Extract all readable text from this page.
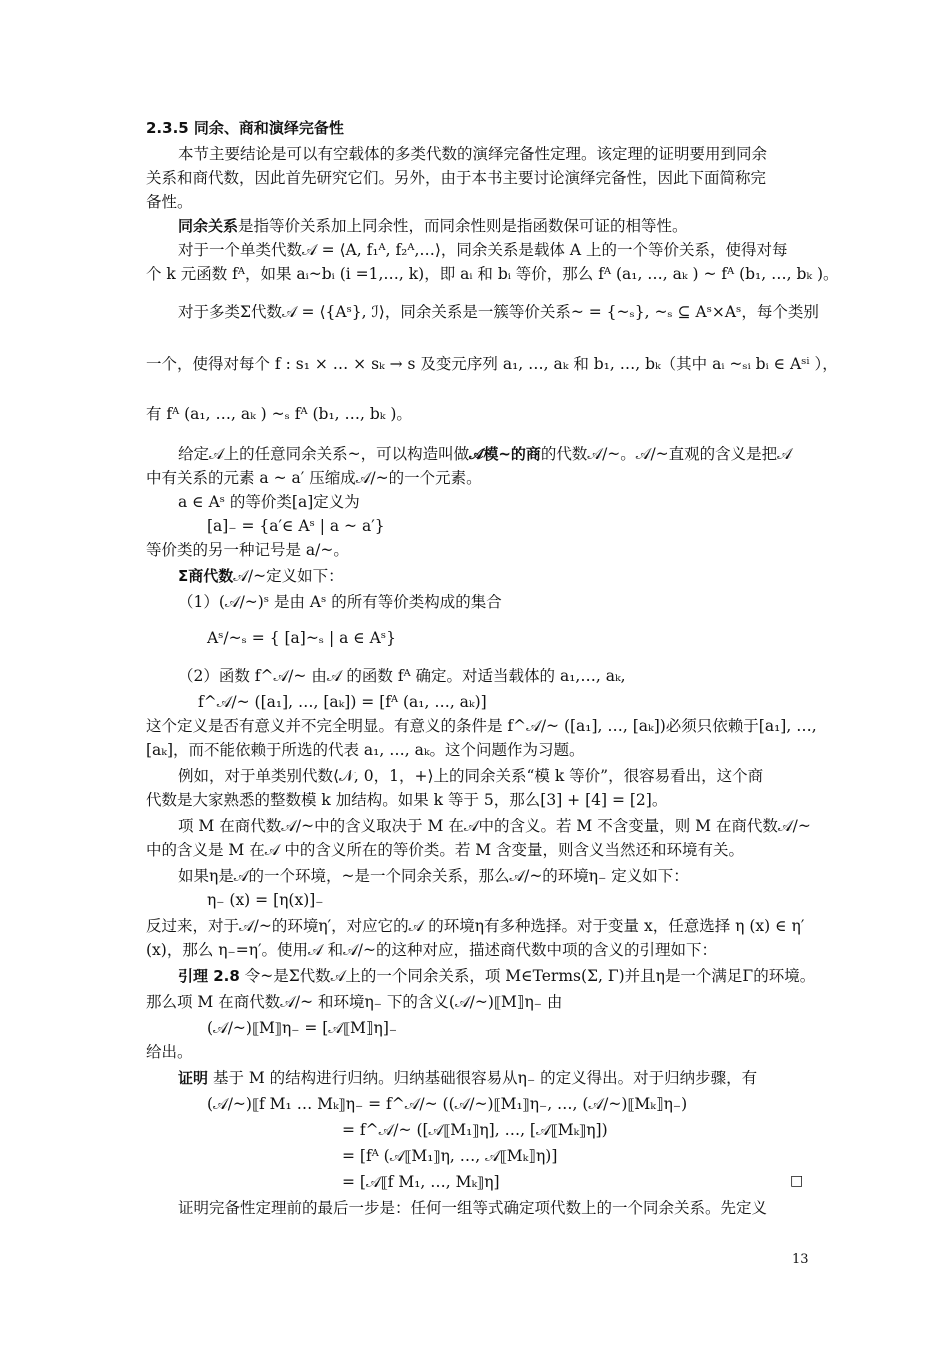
2.3.5 同余、商和演绎完备性
本节主要结论是可以有空载体的多类代数的演绎完备性定理。该定理的证明要用到同余
关系和商代数，因此首先研究它们。另外，由于本书主要讨论演绎完备性，因此下面简称完
备性。
同余关系是指等价关系加上同余性，而同余性则是指函数保可证的相等性。
对于一个单类代数𝒜 = ⟨A, f₁ᴬ, f₂ᴬ,…⟩，同余关系是载体 A 上的一个等价关系，使得对每
个 k 元函数 fᴬ，如果 aᵢ~bᵢ (i =1,…, k)，即 aᵢ 和 bᵢ 等价，那么 fᴬ (a₁, …, aₖ ) ~ fᴬ (b₁, …, bₖ )。
对于多类Σ代数𝒜 = ⟨{Aˢ}, ℐ⟩，同余关系是一簇等价关系~ = {~ₛ}, ~ₛ ⊆ Aˢ×Aˢ，每个类别
一个，使得对每个 f : s₁ × … × sₖ → s 及变元序列 a₁, …, aₖ 和 b₁, …, bₖ（其中 aᵢ ~ₛᵢ bᵢ ∈ Aˢⁱ ），
有 fᴬ (a₁, …, aₖ ) ~ₛ fᴬ (b₁, …, bₖ )。
给定𝒜上的任意同余关系~，可以构造叫做𝒜模~的商的代数𝒜/~。𝒜/~直观的含义是把𝒜
中有关系的元素 a ~ a′ 压缩成𝒜/~的一个元素。
a ∈ Aˢ 的等价类[a]定义为
[a]₋ = {a′∈ Aˢ | a ~ a′}
等价类的另一种记号是 a/~。
Σ商代数𝒜/~定义如下：
（1）(𝒜/~)ˢ 是由 Aˢ 的所有等价类构成的集合
Aˢ/~ₛ = { [a]~ₛ | a ∈ Aˢ}
（2）函数 f^𝒜/~ 由𝒜 的函数 fᴬ 确定。对适当载体的 a₁,…, aₖ,
f^𝒜/~ ([a₁], …, [aₖ]) = [fᴬ (a₁, …, aₖ)]
这个定义是否有意义并不完全明显。有意义的条件是 f^𝒜/~ ([a₁], …, [aₖ])必须只依赖于[a₁], …,
[aₖ]，而不能依赖于所选的代表 a₁, …, aₖ。这个问题作为习题。
例如，对于单类别代数⟨𝒩, 0，1，+⟩上的同余关系“模 k 等价”，很容易看出，这个商
代数是大家熟悉的整数模 k 加结构。如果 k 等于 5，那么[3] + [4] = [2]。
项 M 在商代数𝒜/~中的含义取决于 M 在𝒜中的含义。若 M 不含变量，则 M 在商代数𝒜/~
中的含义是 M 在𝒜 中的含义所在的等价类。若 M 含变量，则含义当然还和环境有关。
如果η是𝒜的一个环境，~是一个同余关系，那么𝒜/~的环境η₋ 定义如下：
η₋ (x) = [η(x)]₋
反过来，对于𝒜/~的环境η′，对应它的𝒜 的环境η有多种选择。对于变量 x，任意选择 η (x) ∈ η′
(x)，那么 η₋=η′。使用𝒜 和𝒜/~的这种对应，描述商代数中项的含义的引理如下：
引理 2.8 令~是Σ代数𝒜上的一个同余关系，项 M∈Terms(Σ, Γ)并且η是一个满足Γ的环境。
那么项 M 在商代数𝒜/~ 和环境η₋ 下的含义(𝒜/~)⟦M⟧η₋ 由
(𝒜/~)⟦M⟧η₋ = [𝒜⟦M⟧η]₋
给出。
证明 基于 M 的结构进行归纳。归纳基础很容易从η₋ 的定义得出。对于归纳步骤，有
(𝒜/~)⟦f M₁ … Mₖ⟧η₋ = f^𝒜/~ ((𝒜/~)⟦M₁⟧η₋, …, (𝒜/~)⟦Mₖ⟧η₋)
= f^𝒜/~ ([𝒜⟦M₁⟧η], …, [𝒜⟦Mₖ⟧η])
= [fᴬ (𝒜⟦M₁⟧η, …, 𝒜⟦Mₖ⟧η)]
= [𝒜⟦f M₁, …, Mₖ⟧η]	□
证明完备性定理前的最后一步是：任何一组等式确定项代数上的一个同余关系。先定义
13
